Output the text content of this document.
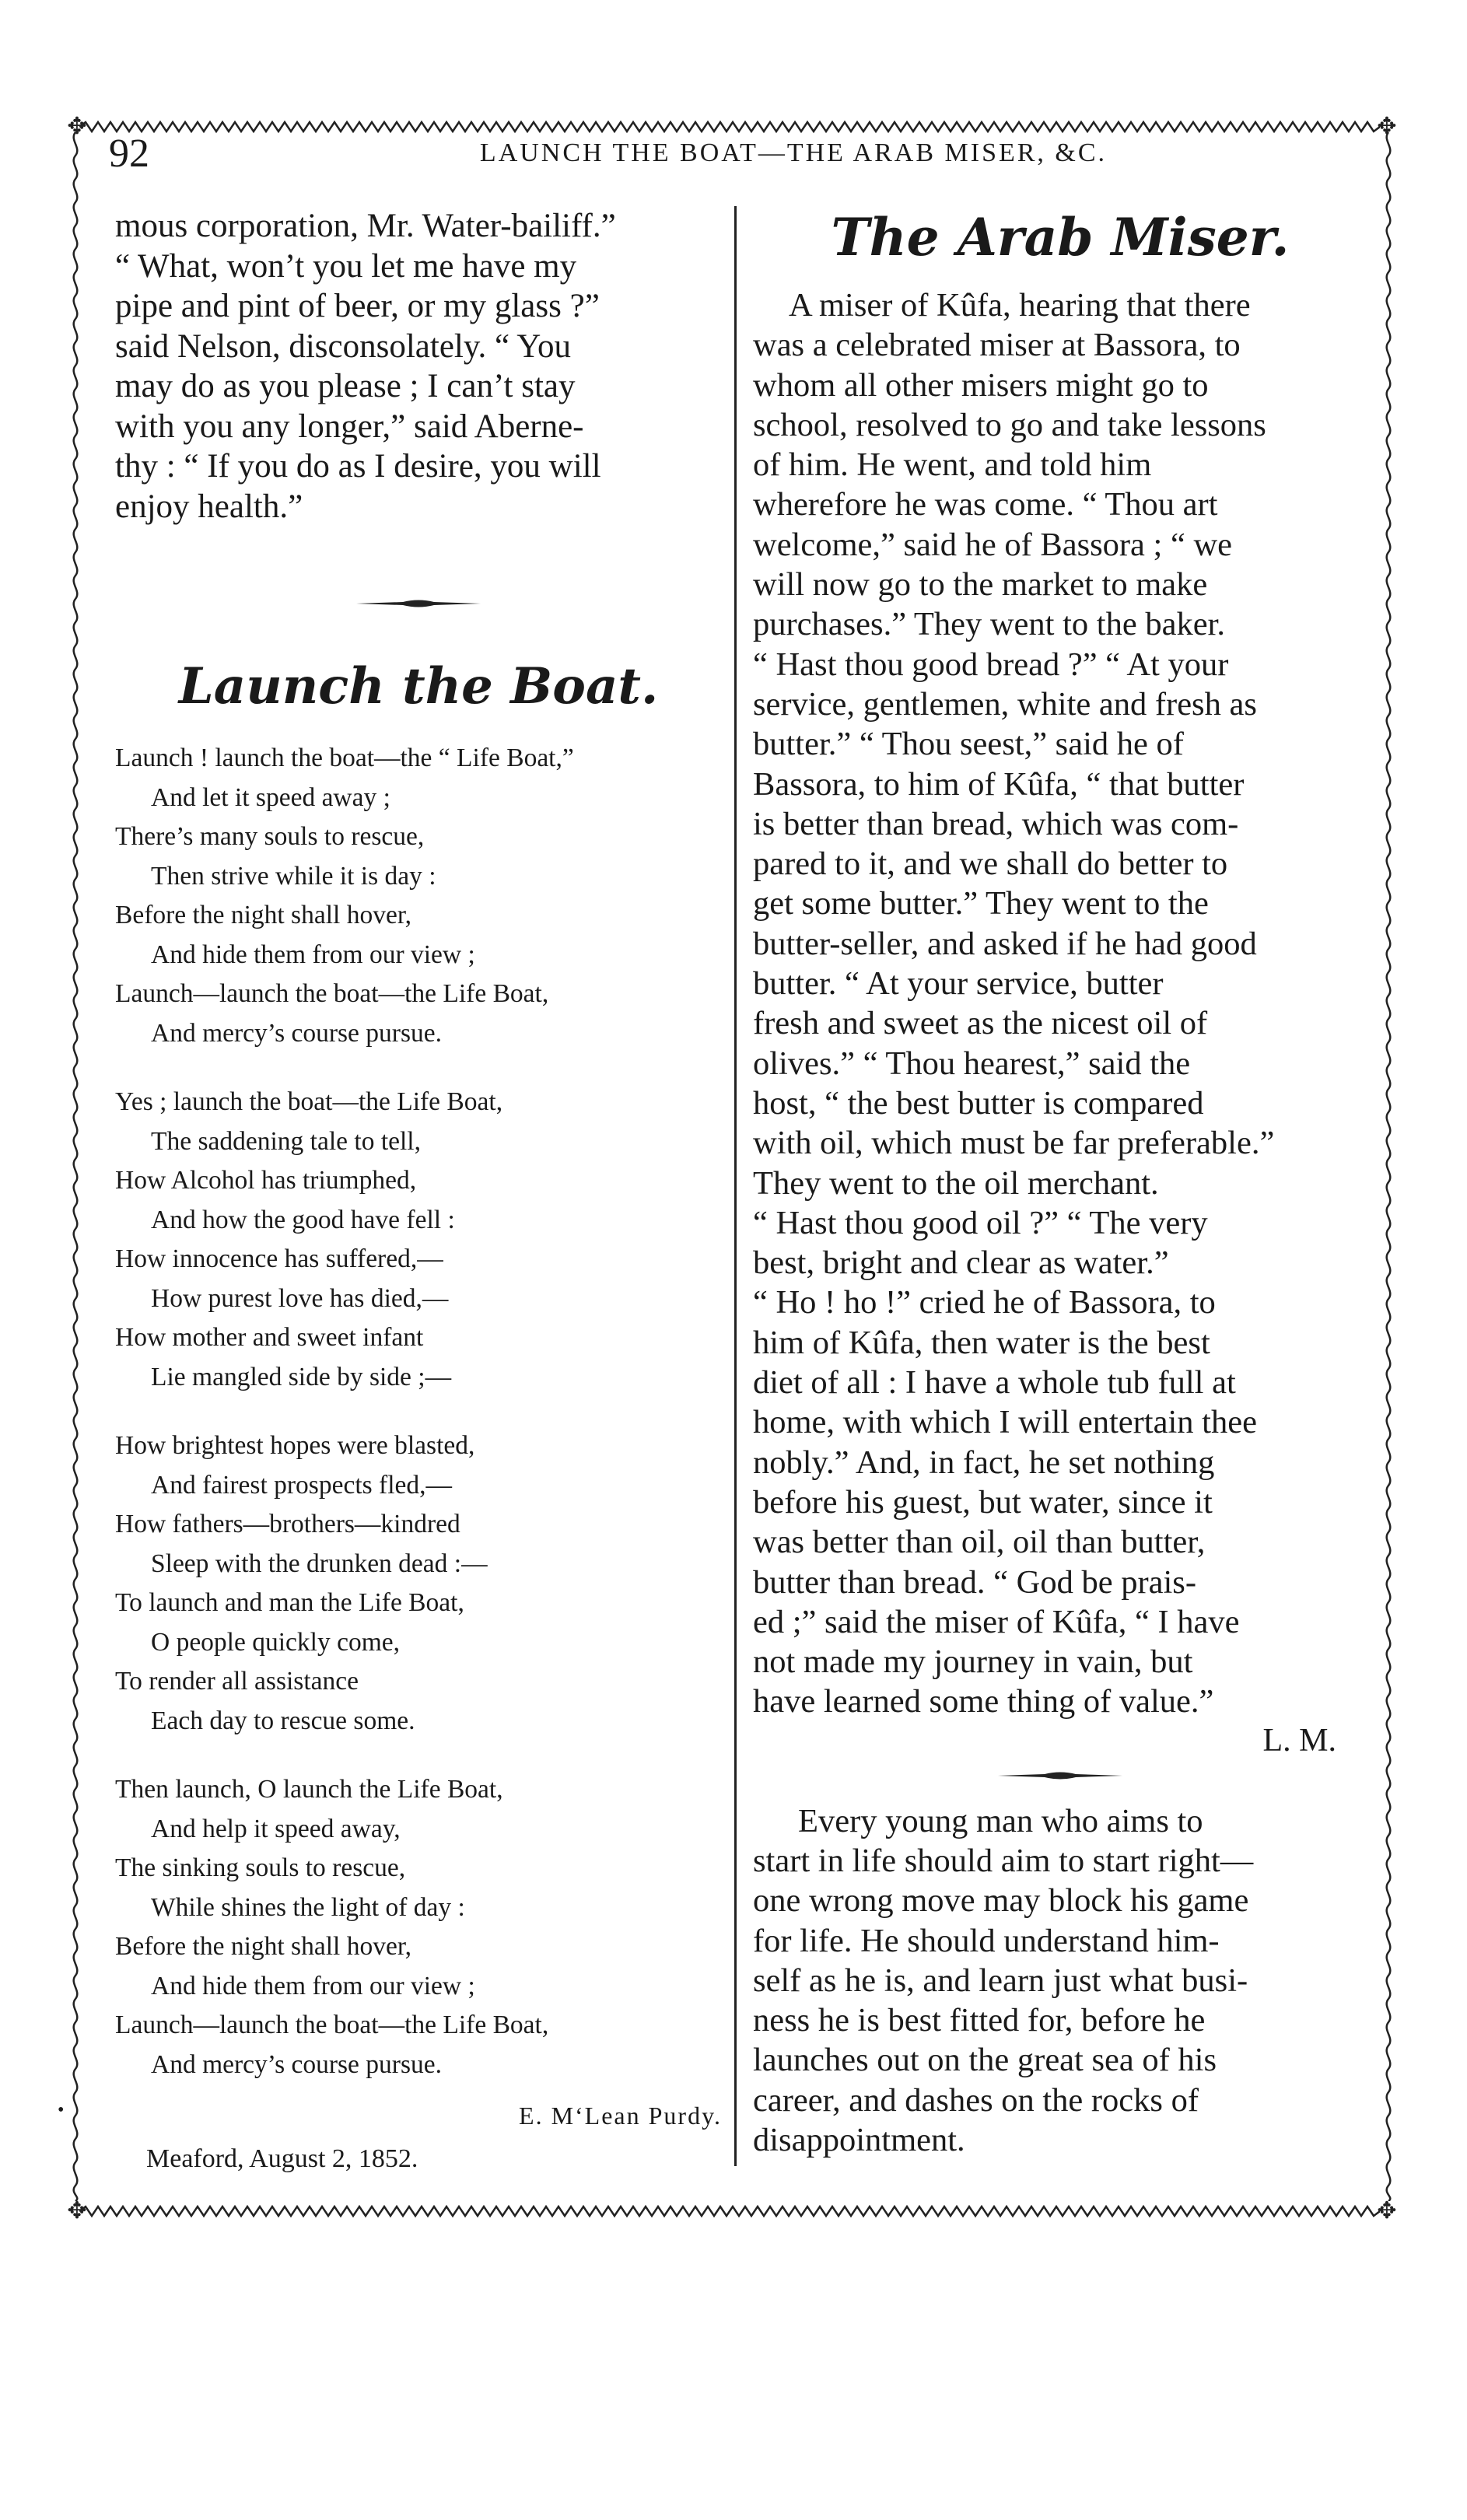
✥	✥
✥	✥
•
92	LAUNCH THE BOAT—THE ARAB MISER, &C.
mous corporation, Mr. Water-bailiff.”
“ What, won’t you let me have my
pipe and pint of beer, or my glass ?”
said Nelson, disconsolately. “ You
may do as you please ; I can’t stay
with you any longer,” said Aberne-
thy : “ If you do as I desire, you will
enjoy health.”
Launch the Boat.
Launch ! launch the boat—the “ Life Boat,”
And let it speed away ;
There’s many souls to rescue,
Then strive while it is day :
Before the night shall hover,
And hide them from our view ;
Launch—launch the boat—the Life Boat,
And mercy’s course pursue.
Yes ; launch the boat—the Life Boat,
The saddening tale to tell,
How Alcohol has triumphed,
And how the good have fell :
How innocence has suffered,—
How purest love has died,—
How mother and sweet infant
Lie mangled side by side ;—
How brightest hopes were blasted,
And fairest prospects fled,—
How fathers—brothers—kindred
Sleep with the drunken dead :—
To launch and man the Life Boat,
O people quickly come,
To render all assistance
Each day to rescue some.
Then launch, O launch the Life Boat,
And help it speed away,
The sinking souls to rescue,
While shines the light of day :
Before the night shall hover,
And hide them from our view ;
Launch—launch the boat—the Life Boat,
And mercy’s course pursue.
E. M‘Lean Purdy.
Meaford, August 2, 1852.
The Arab Miser.
A miser of Kûfa, hearing that there
was a celebrated miser at Bassora, to
whom all other misers might go to
school, resolved to go and take lessons
of him. He went, and told him
wherefore he was come. “ Thou art
welcome,” said he of Bassora ; “ we
will now go to the market to make
purchases.” They went to the baker.
“ Hast thou good bread ?” “ At your
service, gentlemen, white and fresh as
butter.” “ Thou seest,” said he of
Bassora, to him of Kûfa, “ that butter
is better than bread, which was com-
pared to it, and we shall do better to
get some butter.” They went to the
butter-seller, and asked if he had good
butter. “ At your service, butter
fresh and sweet as the nicest oil of
olives.” “ Thou hearest,” said the
host, “ the best butter is compared
with oil, which must be far preferable.”
They went to the oil merchant.
“ Hast thou good oil ?” “ The very
best, bright and clear as water.”
“ Ho ! ho !” cried he of Bassora, to
him of Kûfa, then water is the best
diet of all : I have a whole tub full at
home, with which I will entertain thee
nobly.” And, in fact, he set nothing
before his guest, but water, since it
was better than oil, oil than butter,
butter than bread. “ God be prais-
ed ;” said the miser of Kûfa, “ I have
not made my journey in vain, but
have learned some thing of value.”
L. M.
Every young man who aims to
start in life should aim to start right—
one wrong move may block his game
for life. He should understand him-
self as he is, and learn just what busi-
ness he is best fitted for, before he
launches out on the great sea of his
career, and dashes on the rocks of
disappointment.
